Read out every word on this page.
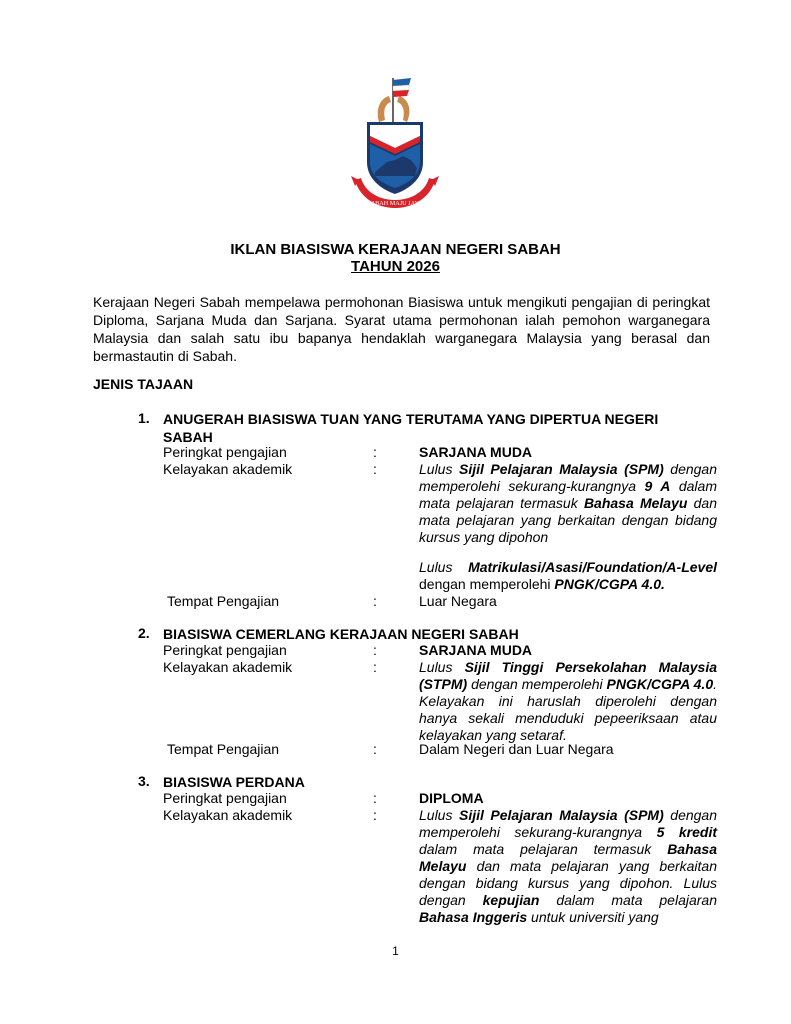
SABAH MAJU JAYA
IKLAN BIASISWA KERAJAAN NEGERI SABAH
TAHUN 2026
Kerajaan Negeri Sabah mempelawa permohonan Biasiswa untuk mengikuti pengajian di peringkat Diploma, Sarjana Muda dan Sarjana. Syarat utama permohonan ialah pemohon warganegara Malaysia dan salah satu ibu bapanya hendaklah warganegara Malaysia yang berasal dan bermastautin di Sabah.
JENIS TAJAAN
1. ANUGERAH BIASISWA TUAN YANG TERUTAMA YANG DIPERTUA NEGERI
SABAH
Peringkat pengajian	:	SARJANA MUDA
Kelayakan akademik	:	Lulus Sijil Pelajaran Malaysia (SPM) dengan memperolehi sekurang-kurangnya 9 A dalam mata pelajaran termasuk Bahasa Melayu dan mata pelajaran yang berkaitan dengan bidang kursus yang dipohon
Lulus Matrikulasi/Asasi/Foundation/A-Level dengan memperolehi PNGK/CGPA 4.0.
Tempat Pengajian	:	Luar Negara
2. BIASISWA CEMERLANG KERAJAAN NEGERI SABAH
Peringkat pengajian	:	SARJANA MUDA
Kelayakan akademik	:	Lulus Sijil Tinggi Persekolahan Malaysia (STPM) dengan memperolehi PNGK/CGPA 4.0. Kelayakan ini haruslah diperolehi dengan hanya sekali menduduki pepeeriksaan atau kelayakan yang setaraf.
Tempat Pengajian	:	Dalam Negeri dan Luar Negara
3. BIASISWA PERDANA
Peringkat pengajian	:	DIPLOMA
Kelayakan akademik	:	Lulus Sijil Pelajaran Malaysia (SPM) dengan memperolehi sekurang-kurangnya 5 kredit dalam mata pelajaran termasuk Bahasa Melayu dan mata pelajaran yang berkaitan dengan bidang kursus yang dipohon. Lulus dengan kepujian dalam mata pelajaran Bahasa Inggeris untuk universiti yang
1
